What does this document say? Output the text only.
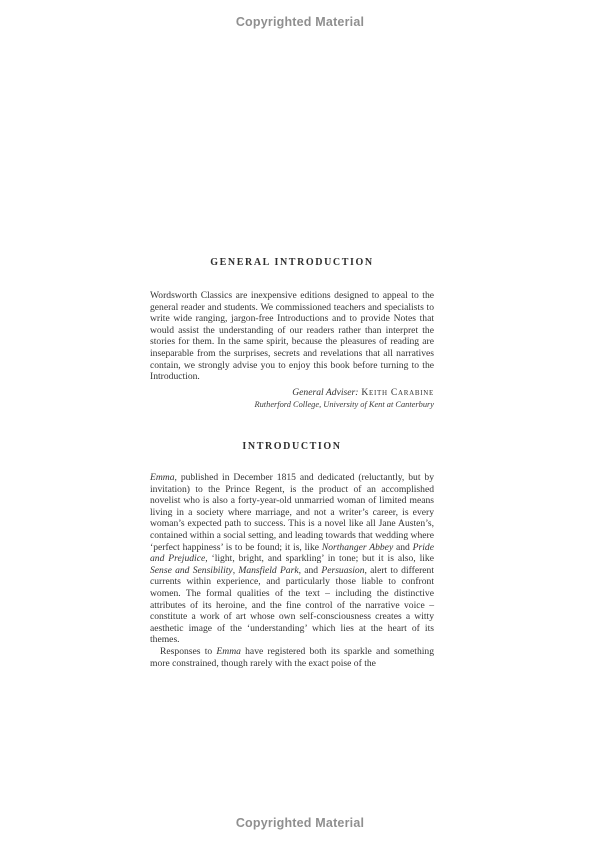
Copyrighted Material
GENERAL INTRODUCTION
Wordsworth Classics are inexpensive editions designed to appeal to the general reader and students. We commissioned teachers and specialists to write wide ranging, jargon-free Introductions and to provide Notes that would assist the understanding of our readers rather than interpret the stories for them. In the same spirit, because the pleasures of reading are inseparable from the surprises, secrets and revelations that all narratives contain, we strongly advise you to enjoy this book before turning to the Introduction.
General Adviser: Keith Carabine
Rutherford College, University of Kent at Canterbury
INTRODUCTION

Emma, published in December 1815 and dedicated (reluctantly, but by invitation) to the Prince Regent, is the product of an accomplished novelist who is also a forty-year-old unmarried woman of limited means living in a society where marriage, and not a writer’s career, is every woman’s expected path to success. This is a novel like all Jane Austen’s, contained within a social setting, and leading towards that wedding where ‘perfect happiness’ is to be found; it is, like Northanger Abbey and Pride and Prejudice, ‘light, bright, and sparkling’ in tone; but it is also, like Sense and Sensibility, Mansfield Park, and Persuasion, alert to different currents within experience, and particularly those liable to confront women. The formal qualities of the text – including the distinctive attributes of its heroine, and the fine control of the narrative voice – constitute a work of art whose own self-consciousness creates a witty aesthetic image of the ‘understanding’ which lies at the heart of its themes.

Responses to Emma have registered both its sparkle and something more constrained, though rarely with the exact poise of the

Copyrighted Material
